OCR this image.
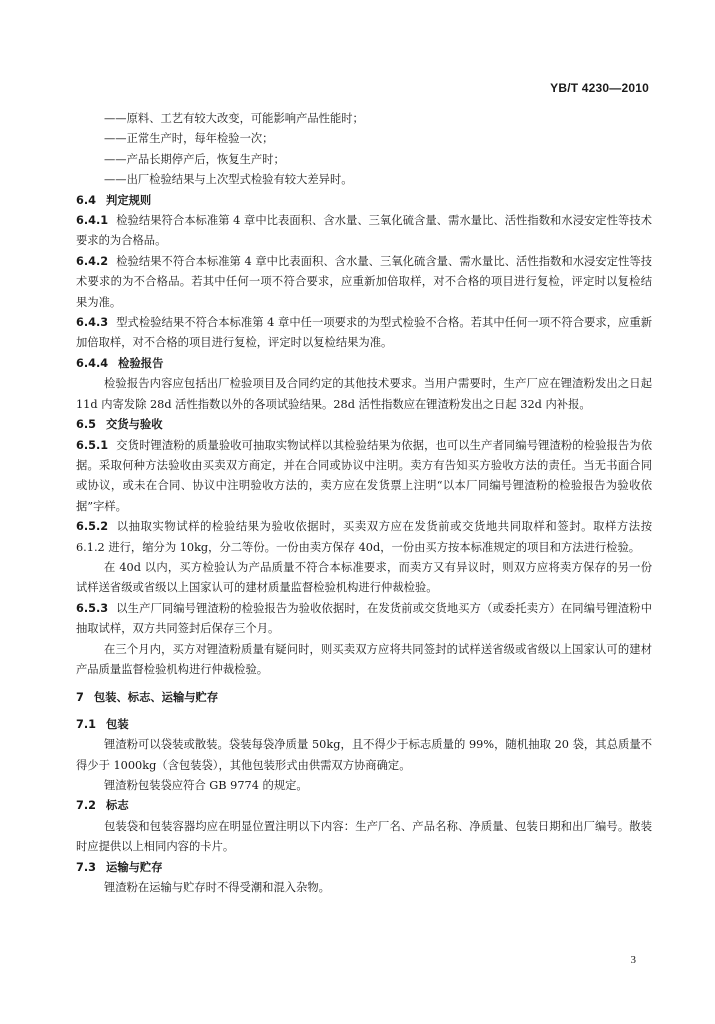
YB/T 4230—2010

——原料、工艺有较大改变，可能影响产品性能时；

——正常生产时，每年检验一次；

——产品长期停产后，恢复生产时；

——出厂检验结果与上次型式检验有较大差异时。

6.4 判定规则

6.4.1 检验结果符合本标准第 4 章中比表面积、含水量、三氧化硫含量、需水量比、活性指数和水浸安定性等技术要求的为合格品。

6.4.2 检验结果不符合本标准第 4 章中比表面积、含水量、三氧化硫含量、需水量比、活性指数和水浸安定性等技术要求的为不合格品。若其中任何一项不符合要求，应重新加倍取样，对不合格的项目进行复检，评定时以复检结果为准。

6.4.3 型式检验结果不符合本标准第 4 章中任一项要求的为型式检验不合格。若其中任何一项不符合要求，应重新加倍取样，对不合格的项目进行复检，评定时以复检结果为准。

6.4.4 检验报告

检验报告内容应包括出厂检验项目及合同约定的其他技术要求。当用户需要时，生产厂应在锂渣粉发出之日起 11d 内寄发除 28d 活性指数以外的各项试验结果。28d 活性指数应在锂渣粉发出之日起 32d 内补报。

6.5 交货与验收

6.5.1 交货时锂渣粉的质量验收可抽取实物试样以其检验结果为依据，也可以生产者同编号锂渣粉的检验报告为依据。采取何种方法验收由买卖双方商定，并在合同或协议中注明。卖方有告知买方验收方法的责任。当无书面合同或协议，或未在合同、协议中注明验收方法的，卖方应在发货票上注明“以本厂同编号锂渣粉的检验报告为验收依据”字样。

6.5.2 以抽取实物试样的检验结果为验收依据时，买卖双方应在发货前或交货地共同取样和签封。取样方法按 6.1.2 进行，缩分为 10kg，分二等份。一份由卖方保存 40d，一份由买方按本标准规定的项目和方法进行检验。

在 40d 以内，买方检验认为产品质量不符合本标准要求，而卖方又有异议时，则双方应将卖方保存的另一份试样送省级或省级以上国家认可的建材质量监督检验机构进行仲裁检验。

6.5.3 以生产厂同编号锂渣粉的检验报告为验收依据时，在发货前或交货地买方（或委托卖方）在同编号锂渣粉中抽取试样，双方共同签封后保存三个月。

在三个月内，买方对锂渣粉质量有疑问时，则买卖双方应将共同签封的试样送省级或省级以上国家认可的建材产品质量监督检验机构进行仲裁检验。

7 包装、标志、运输与贮存

7.1 包装

锂渣粉可以袋装或散装。袋装每袋净质量 50kg，且不得少于标志质量的 99%，随机抽取 20 袋，其总质量不得少于 1000kg（含包装袋），其他包装形式由供需双方协商确定。

锂渣粉包装袋应符合 GB 9774 的规定。

7.2 标志

包装袋和包装容器均应在明显位置注明以下内容：生产厂名、产品名称、净质量、包装日期和出厂编号。散装时应提供以上相同内容的卡片。

7.3 运输与贮存

锂渣粉在运输与贮存时不得受潮和混入杂物。

3
